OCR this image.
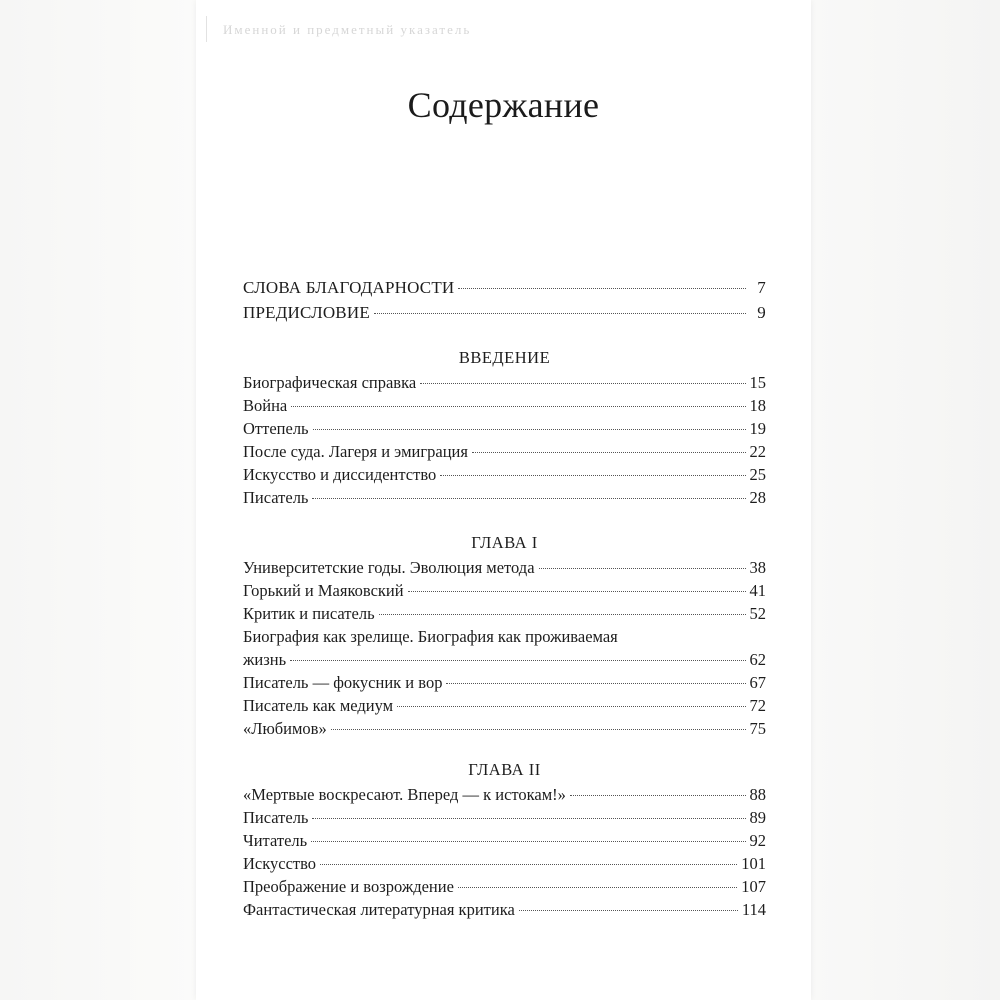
Именной и предметный указатель
Содержание
СЛОВА БЛАГОДАРНОСТИ	7
ПРЕДИСЛОВИЕ	9
ВВЕДЕНИЕ
Биографическая справка	15
Война	18
Оттепель	19
После суда. Лагеря и эмиграция	22
Искусство и диссидентство	25
Писатель	28
ГЛАВА I
Университетские годы. Эволюция метода	38
Горький и Маяковский	41
Критик и писатель	52
Биография как зрелище. Биография как проживаемая
жизнь	62
Писатель — фокусник и вор	67
Писатель как медиум	72
«Любимов»	75
ГЛАВА II
«Мертвые воскресают. Вперед — к истокам!»	88
Писатель	89
Читатель	92
Искусство	101
Преображение и возрождение	107
Фантастическая литературная критика	114
